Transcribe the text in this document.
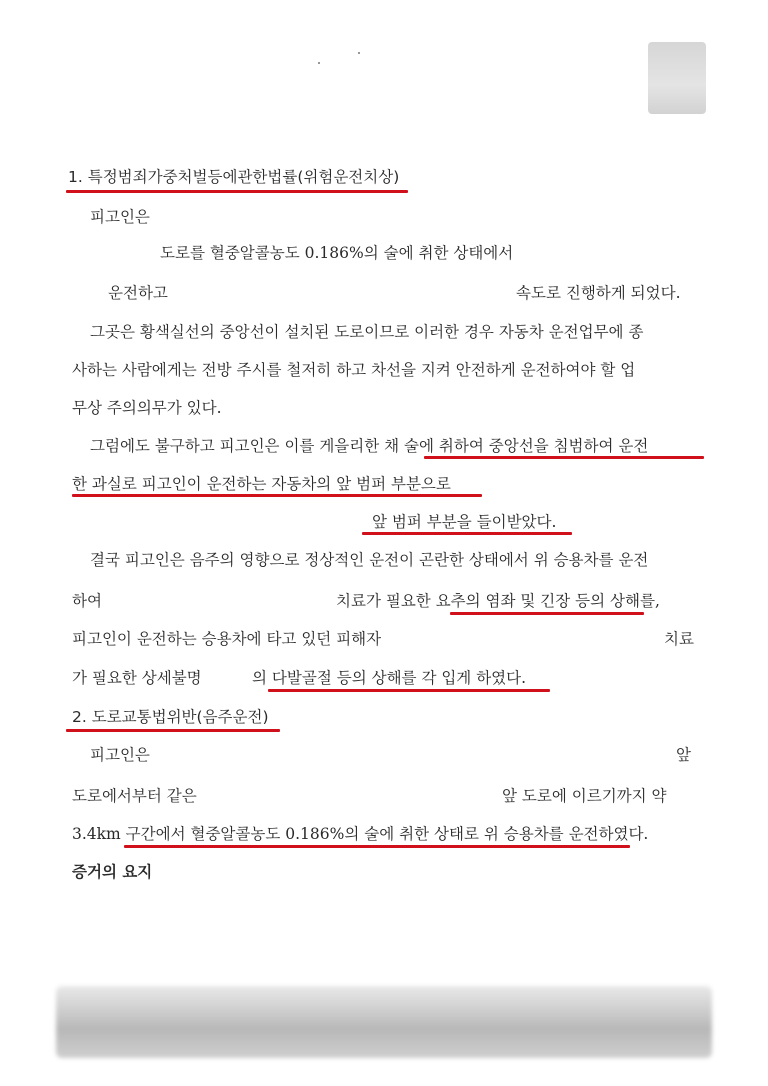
1. 특정범죄가중처벌등에관한법률(위험운전치상)
피고인은
도로를 혈중알콜농도 0.186%의 술에 취한 상태에서
운전하고	속도로 진행하게 되었다.
그곳은 황색실선의 중앙선이 설치된 도로이므로 이러한 경우 자동차 운전업무에 종
사하는 사람에게는 전방 주시를 철저히 하고 차선을 지켜 안전하게 운전하여야 할 업
무상 주의의무가 있다.
그럼에도 불구하고 피고인은 이를 게을리한 채 술에 취하여 중앙선을 침범하여 운전
한 과실로 피고인이 운전하는 자동차의 앞 범퍼 부분으로
앞 범퍼 부분을 들이받았다.
결국 피고인은 음주의 영향으로 정상적인 운전이 곤란한 상태에서 위 승용차를 운전
하여	치료가 필요한 요추의 염좌 및 긴장 등의 상해를,
피고인이 운전하는 승용차에 타고 있던 피해자	치료
가 필요한 상세불명	의 다발골절 등의 상해를 각 입게 하였다.
2. 도로교통법위반(음주운전)
피고인은	앞
도로에서부터 같은	앞 도로에 이르기까지 약
3.4km 구간에서 혈중알콜농도 0.186%의 술에 취한 상태로 위 승용차를 운전하였다.
증거의 요지
